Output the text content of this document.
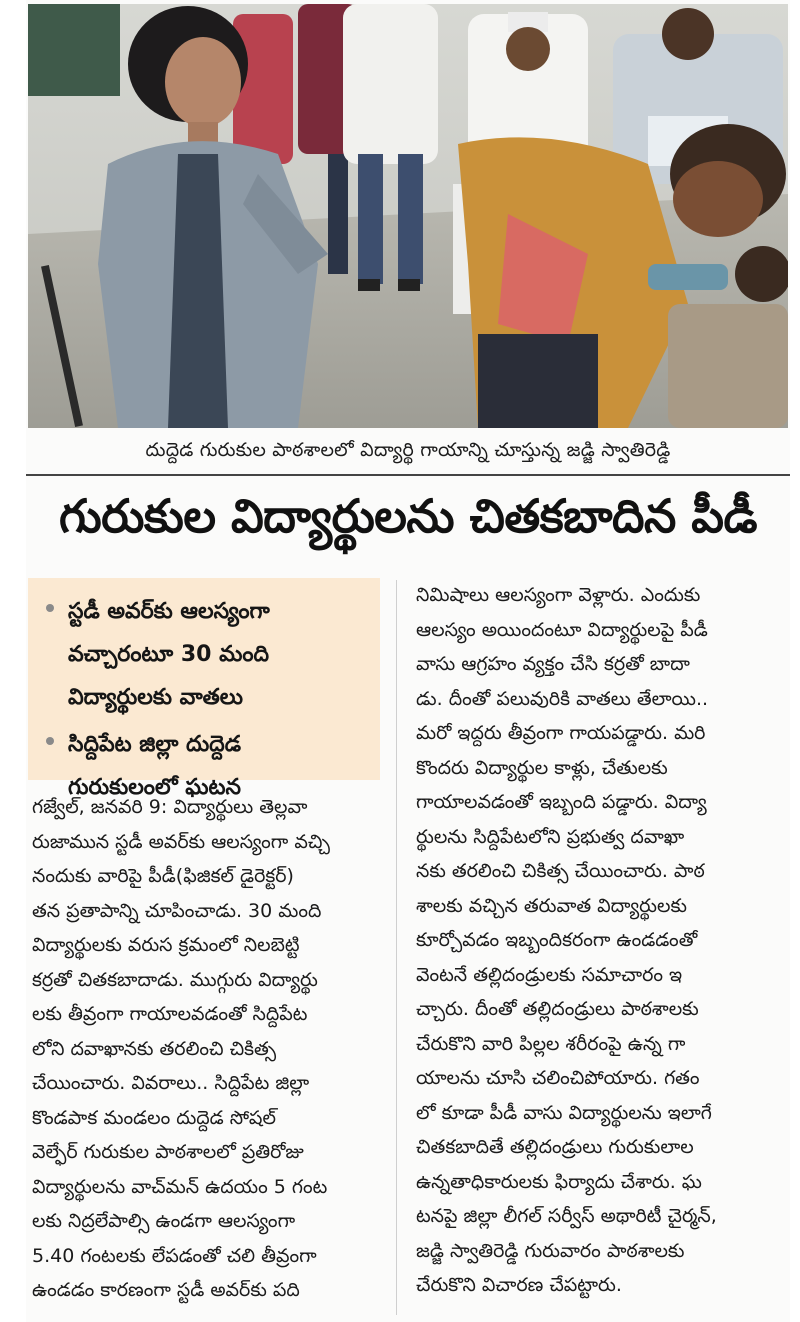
దుద్దెడ గురుకుల పాఠశాలలో విద్యార్థి గాయాన్ని చూస్తున్న జడ్జి స్వాతిరెడ్డి
గురుకుల విద్యార్థులను చితకబాదిన పీడీ
స్టడీ అవర్‌కు ఆలస్యంగా
వచ్చారంటూ 30 మంది
విద్యార్థులకు వాతలు
సిద్దిపేట జిల్లా దుద్దెడ
గురుకులంలో ఘటన
గజ్వేల్, జనవరి 9: విద్యార్థులు తెల్లవా
రుజామున స్టడీ అవర్‌కు ఆలస్యంగా వచ్చి
నందుకు వారిపై పీడీ(ఫిజికల్ డైరెక్టర్)
తన ప్రతాపాన్ని చూపించాడు. 30 మంది
విద్యార్థులకు వరుస క్రమంలో నిలబెట్టి
కర్రతో చితకబాదాడు. ముగ్గురు విద్యార్థు
లకు తీవ్రంగా గాయాలవడంతో సిద్దిపేట
లోని దవాఖానకు తరలించి చికిత్స
చేయించారు. వివరాలు.. సిద్దిపేట జిల్లా
కొండపాక మండలం దుద్దెడ సోషల్
వెల్ఫేర్ గురుకుల పాఠశాలలో ప్రతిరోజు
విద్యార్థులను వాచ్‌మన్ ఉదయం 5 గంట
లకు నిద్రలేపాల్సి ఉండగా ఆలస్యంగా
5.40 గంటలకు లేపడంతో చలి తీవ్రంగా
ఉండడం కారణంగా స్టడీ అవర్‌కు పది
నిమిషాలు ఆలస్యంగా వెళ్లారు. ఎందుకు
ఆలస్యం అయిందంటూ విద్యార్థులపై పీడీ
వాసు ఆగ్రహం వ్యక్తం చేసి కర్రతో బాదా
డు. దీంతో పలువురికి వాతలు తేలాయి..
మరో ఇద్దరు తీవ్రంగా గాయపడ్డారు. మరి
కొందరు విద్యార్థుల కాళ్లు, చేతులకు
గాయాలవడంతో ఇబ్బంది పడ్డారు. విద్యా
ర్థులను సిద్దిపేటలోని ప్రభుత్వ దవాఖా
నకు తరలించి చికిత్స చేయించారు. పాఠ
శాలకు వచ్చిన తరువాత విద్యార్థులకు
కూర్చోవడం ఇబ్బందికరంగా ఉండడంతో
వెంటనే తల్లిదండ్రులకు సమాచారం ఇ
చ్చారు. దీంతో తల్లిదండ్రులు పాఠశాలకు
చేరుకొని వారి పిల్లల శరీరంపై ఉన్న గా
యాలను చూసి చలించిపోయారు. గతం
లో కూడా పీడీ వాసు విద్యార్థులను ఇలాగే
చితకబాదితే తల్లిదండ్రులు గురుకులాల
ఉన్నతాధికారులకు ఫిర్యాదు చేశారు. ఘ
టనపై జిల్లా లీగల్ సర్వీస్ అథారిటీ చైర్మన్,
జడ్జి స్వాతిరెడ్డి గురువారం పాఠశాలకు
చేరుకొని విచారణ చేపట్టారు.
